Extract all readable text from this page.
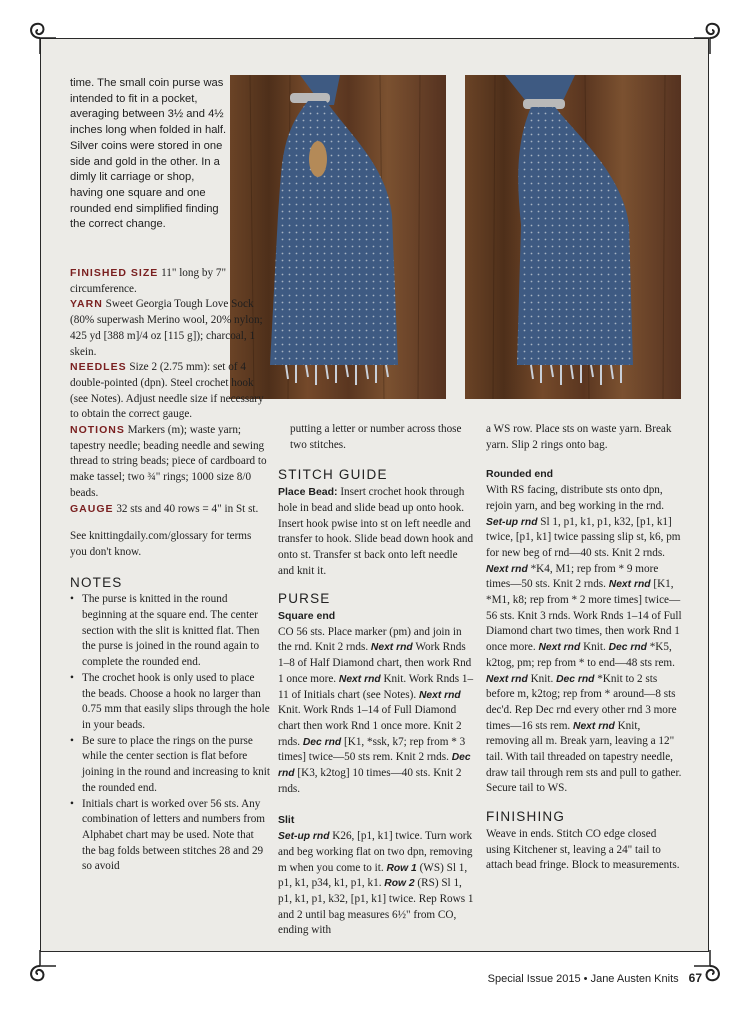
time. The small coin purse was intended to fit in a pocket, averaging between 3½ and 4½ inches long when folded in half. Silver coins were stored in one side and gold in the other. In a dimly lit carriage or shop, having one square and one rounded end simplified finding the correct change.

FINISHED SIZE 11" long by 7" circumference.

YARN Sweet Georgia Tough Love Sock (80% superwash Merino wool, 20% nylon; 425 yd [388 m]/4 oz [115 g]); charcoal, 1 skein.

NEEDLES Size 2 (2.75 mm): set of 4 double-pointed (dpn). Steel crochet hook (see Notes). Adjust needle size if necessary to obtain the correct gauge.

NOTIONS Markers (m); waste yarn; tapestry needle; beading needle and sewing thread to string beads; piece of cardboard to make tassel; two ¾" rings; 1000 size 8/0 beads.

GAUGE 32 sts and 40 rows = 4" in St st.

See knittingdaily.com/glossary for terms you don't know.

NOTES
• The purse is knitted in the round beginning at the square end. The center section with the slit is knitted flat. Then the purse is joined in the round again to complete the rounded end.
• The crochet hook is only used to place the beads. Choose a hook no larger than 0.75 mm that easily slips through the hole in your beads.
• Be sure to place the rings on the purse while the center section is flat before joining in the round and increasing to knit the rounded end.
• Initials chart is worked over 56 sts. Any combination of letters and numbers from Alphabet chart may be used. Note that the bag folds between stitches 28 and 29 so avoid

putting a letter or number across those two stitches.

STITCH GUIDE

Place Bead: Insert crochet hook through hole in bead and slide bead up onto hook. Insert hook pwise into st on left needle and transfer to hook. Slide bead down hook and onto st. Transfer st back onto left needle and knit it.

PURSE

Square end

CO 56 sts. Place marker (pm) and join in the rnd. Knit 2 rnds. Next rnd Work Rnds 1–8 of Half Diamond chart, then work Rnd 1 once more. Next rnd Knit. Work Rnds 1–11 of Initials chart (see Notes). Next rnd Knit. Work Rnds 1–14 of Full Diamond chart then work Rnd 1 once more. Knit 2 rnds. Dec rnd [K1, *ssk, k7; rep from * 3 times] twice—50 sts rem. Knit 2 rnds. Dec rnd [K3, k2tog] 10 times—40 sts. Knit 2 rnds.

Slit

Set-up rnd K26, [p1, k1] twice. Turn work and beg working flat on two dpn, removing m when you come to it. Row 1 (WS) Sl 1, p1, k1, p34, k1, p1, k1. Row 2 (RS) Sl 1, p1, k1, p1, k32, [p1, k1] twice. Rep Rows 1 and 2 until bag measures 6½" from CO, ending with

a WS row. Place sts on waste yarn. Break yarn. Slip 2 rings onto bag.

Rounded end

With RS facing, distribute sts onto dpn, rejoin yarn, and beg working in the rnd. Set-up rnd Sl 1, p1, k1, p1, k32, [p1, k1] twice, [p1, k1] twice passing slip st, k6, pm for new beg of rnd—40 sts. Knit 2 rnds. Next rnd *K4, M1; rep from * 9 more times—50 sts. Knit 2 rnds. Next rnd [K1, *M1, k8; rep from * 2 more times] twice—56 sts. Knit 3 rnds. Work Rnds 1–14 of Full Diamond chart two times, then work Rnd 1 once more. Next rnd Knit. Dec rnd *K5, k2tog, pm; rep from * to end—48 sts rem. Next rnd Knit. Dec rnd *Knit to 2 sts before m, k2tog; rep from * around—8 sts dec'd. Rep Dec rnd every other rnd 3 more times—16 sts rem. Next rnd Knit, removing all m. Break yarn, leaving a 12" tail. With tail threaded on tapestry needle, draw tail through rem sts and pull to gather. Secure tail to WS.

FINISHING

Weave in ends. Stitch CO edge closed using Kitchener st, leaving a 24" tail to attach bead fringe. Block to measurements.

Special Issue 2015 • Jane Austen Knits 67
